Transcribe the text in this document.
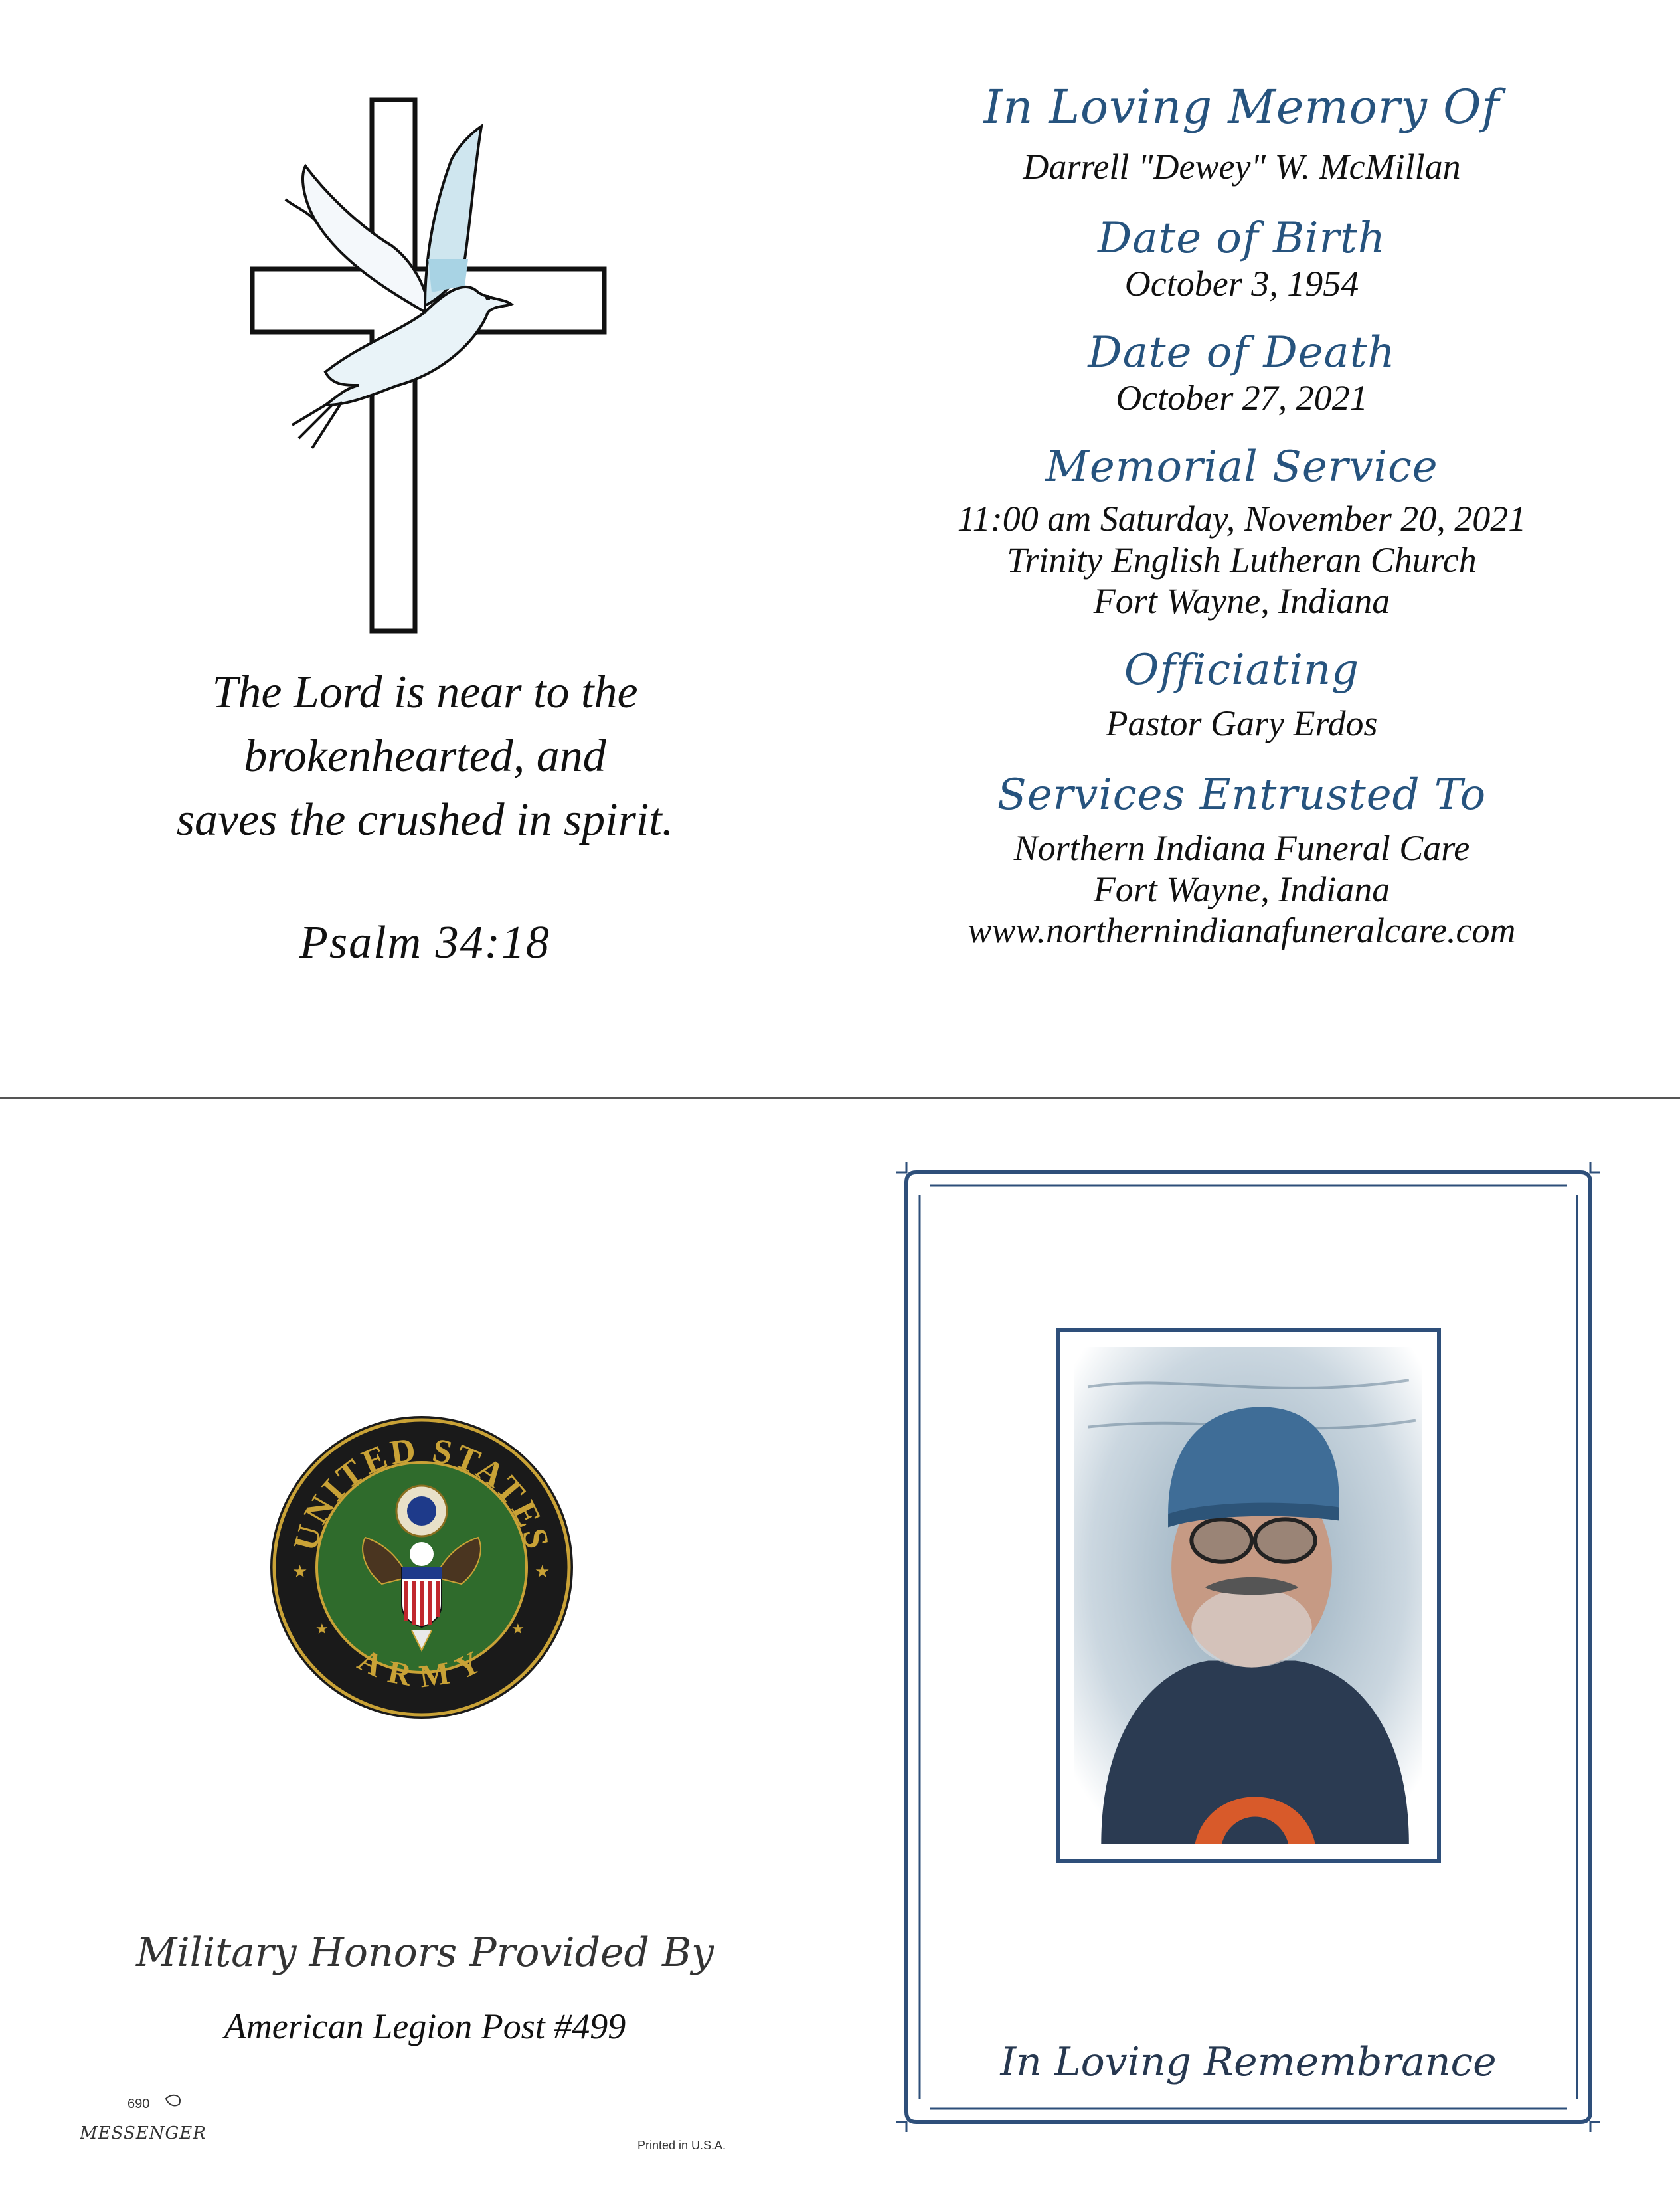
The Lord is near to the
brokenhearted, and
saves the crushed in spirit.
Psalm 34:18
In Loving Memory Of

Darrell "Dewey" W. McMillan

Date of Birth

October 3, 1954

Date of Death

October 27, 2021

Memorial Service

11:00 am Saturday, November 20, 2021

Trinity English Lutheran Church

Fort Wayne, Indiana

Officiating

Pastor Gary Erdos

Services Entrusted To

Northern Indiana Funeral Care

Fort Wayne, Indiana

www.northernindianafuneralcare.com

UNITED STATES
ARMY
★	★
★	★
Military Honors Provided By
American Legion Post #499
690
MESSENGER
Printed in U.S.A.
In Loving Remembrance
